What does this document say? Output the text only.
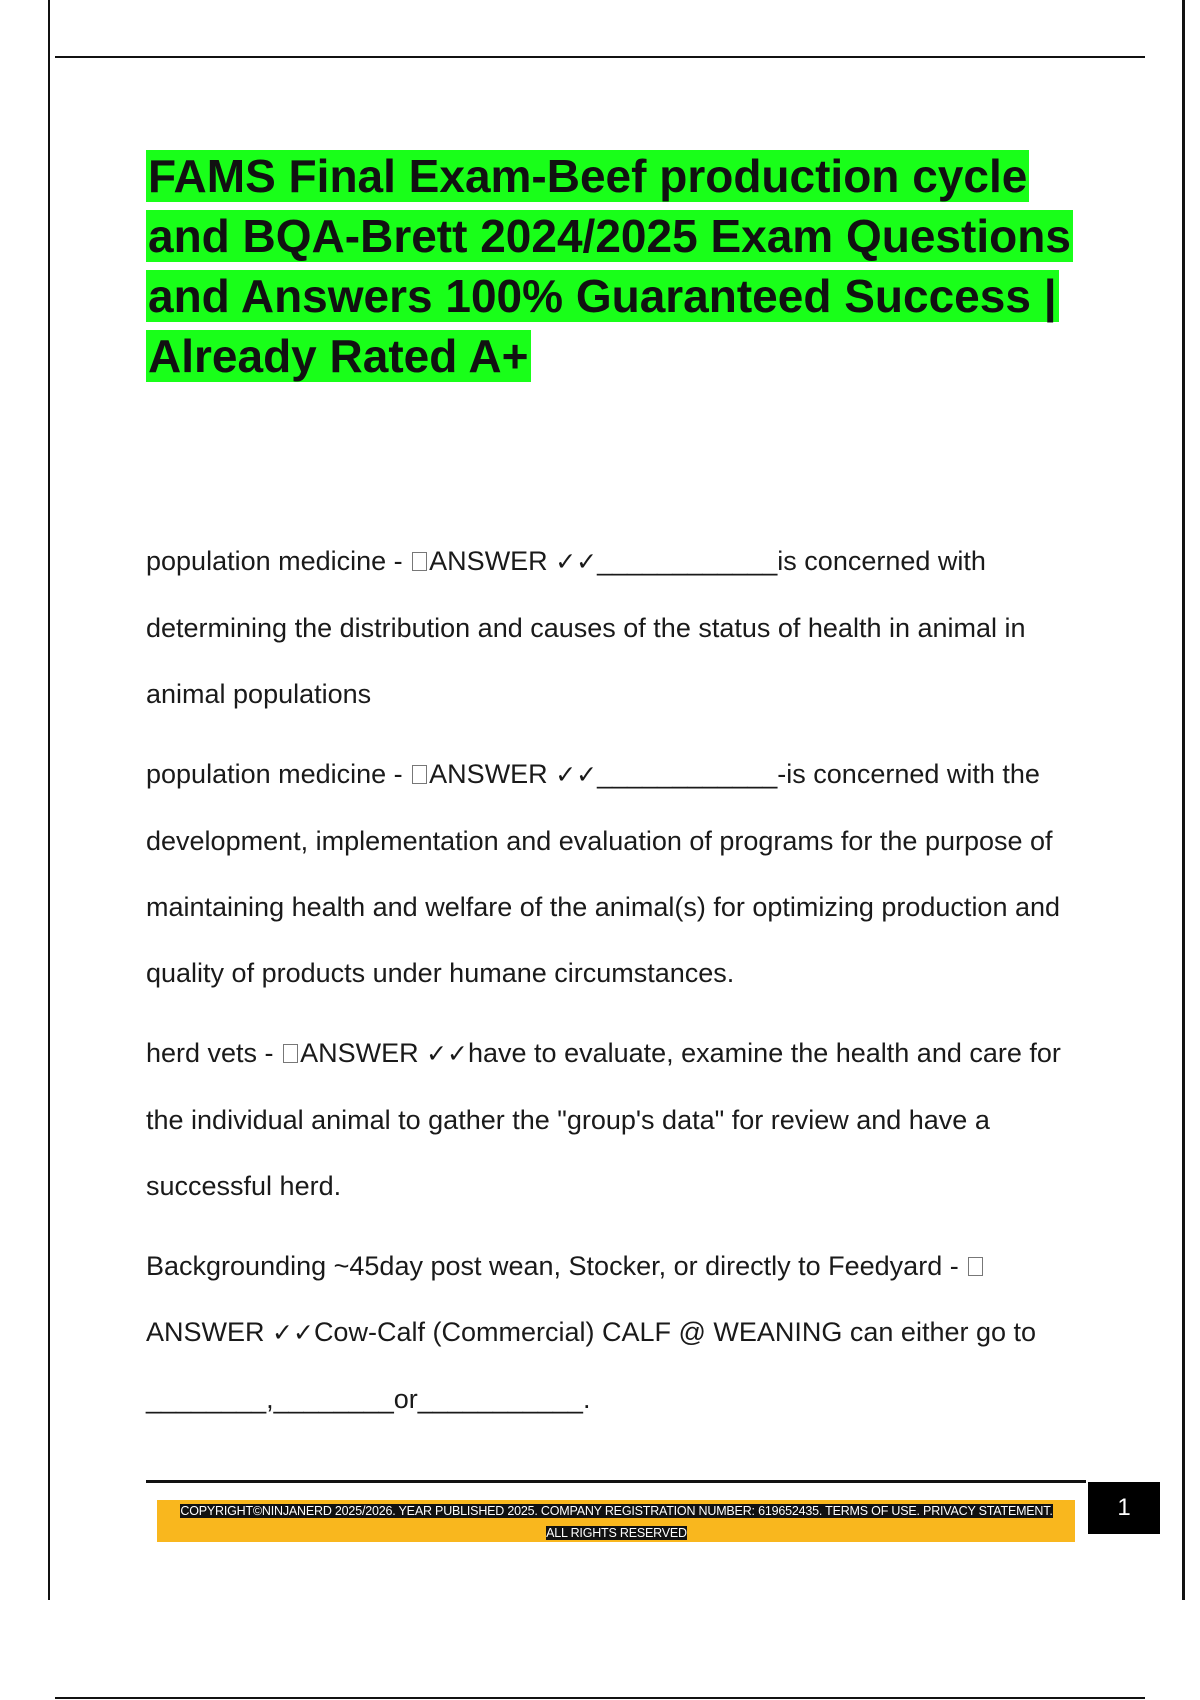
FAMS Final Exam-Beef production cycle and BQA-Brett 2024/2025 Exam Questions and Answers 100% Guaranteed Success | Already Rated A+

population medicine - ANSWER ✓✓____________is concerned with determining the distribution and causes of the status of health in animal in animal populations

population medicine - ANSWER ✓✓____________-is concerned with the development, implementation and evaluation of programs for the purpose of maintaining health and welfare of the animal(s) for optimizing production and quality of products under humane circumstances.

herd vets - ANSWER ✓✓have to evaluate, examine the health and care for the individual animal to gather the "group's data" for review and have a successful herd.

Backgrounding ~45day post wean, Stocker, or directly to Feedyard - ANSWER ✓✓Cow-Calf (Commercial) CALF @ WEANING can either go to ________,________or___________.

COPYRIGHT©NINJANERD 2025/2026. YEAR PUBLISHED 2025. COMPANY REGISTRATION NUMBER: 619652435. TERMS OF USE. PRIVACY STATEMENT. ALL RIGHTS RESERVED
1
